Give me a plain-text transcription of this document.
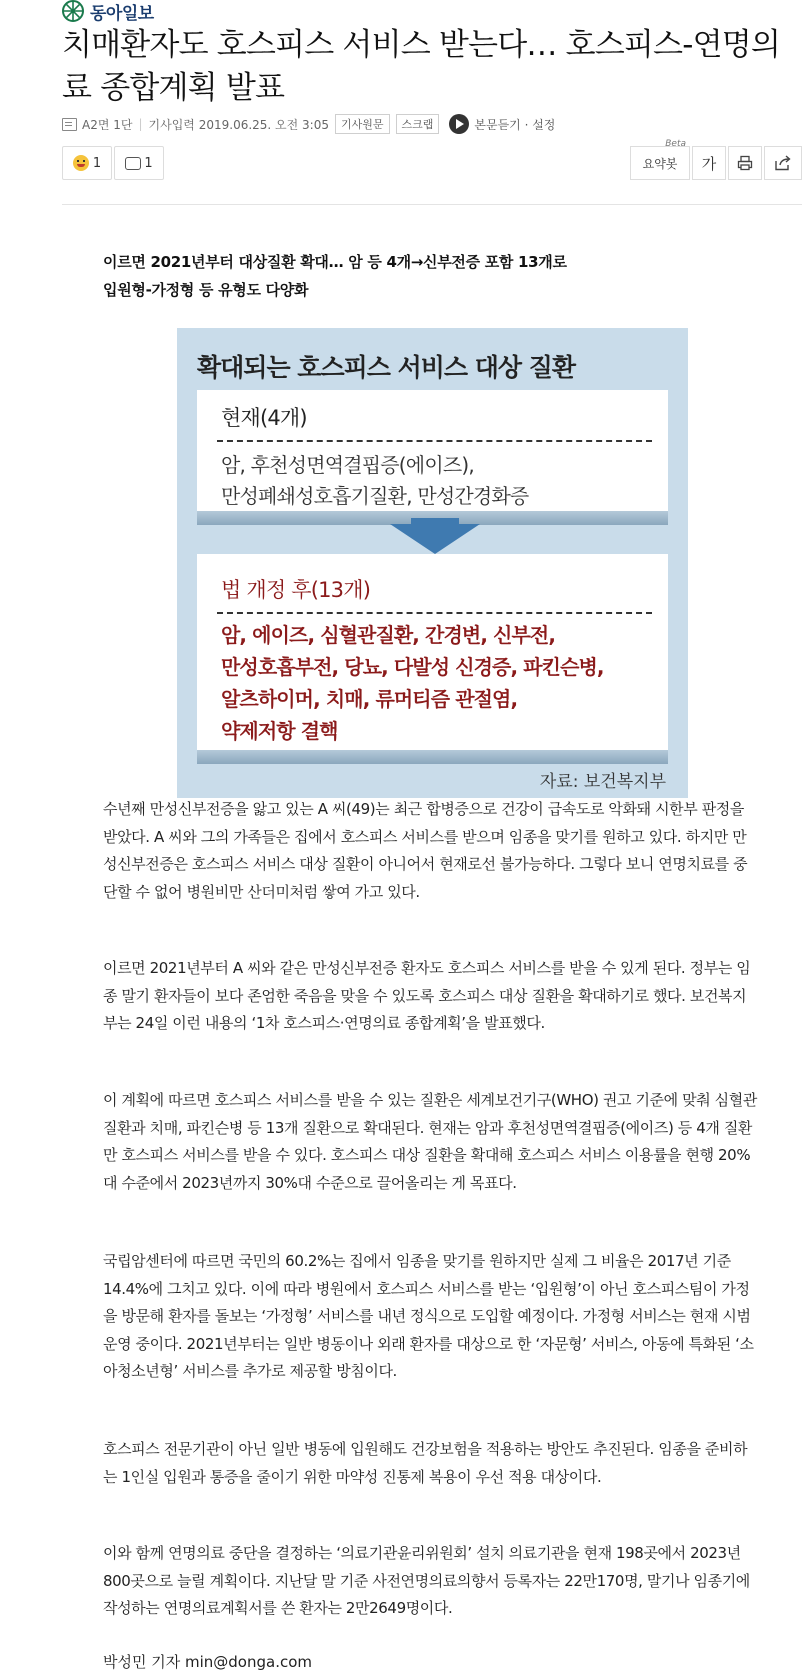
동아일보
치매환자도 호스피스 서비스 받는다… 호스피스-연명의료 종합계획 발표
A2면 1단 | 기사입력 2019.06.25. 오전 3:05	기사원문	스크랩	본문듣기 · 설정
1	1	요약봇
Beta
가
이르면 2021년부터 대상질환 확대… 암 등 4개→신부전증 포함 13개로
입원형-가정형 등 유형도 다양화
확대되는 호스피스 서비스 대상 질환
현재(4개)
암, 후천성면역결핍증(에이즈),
만성폐쇄성호흡기질환, 만성간경화증
법 개정 후(13개)
암, 에이즈, 심혈관질환, 간경변, 신부전,
만성호흡부전, 당뇨, 다발성 신경증, 파킨슨병,
알츠하이머, 치매, 류머티즘 관절염,
약제저항 결핵
자료: 보건복지부
수년째 만성신부전증을 앓고 있는 A 씨(49)는 최근 합병증으로 건강이 급속도로 악화돼 시한부 판정을 받았다. A 씨와 그의 가족들은 집에서 호스피스 서비스를 받으며 임종을 맞기를 원하고 있다. 하지만 만성신부전증은 호스피스 서비스 대상 질환이 아니어서 현재로선 불가능하다. 그렇다 보니 연명치료를 중단할 수 없어 병원비만 산더미처럼 쌓여 가고 있다.
이르면 2021년부터 A 씨와 같은 만성신부전증 환자도 호스피스 서비스를 받을 수 있게 된다. 정부는 임종 말기 환자들이 보다 존엄한 죽음을 맞을 수 있도록 호스피스 대상 질환을 확대하기로 했다. 보건복지부는 24일 이런 내용의 ‘1차 호스피스·연명의료 종합계획’을 발표했다.
이 계획에 따르면 호스피스 서비스를 받을 수 있는 질환은 세계보건기구(WHO) 권고 기준에 맞춰 심혈관 질환과 치매, 파킨슨병 등 13개 질환으로 확대된다. 현재는 암과 후천성면역결핍증(에이즈) 등 4개 질환만 호스피스 서비스를 받을 수 있다. 호스피스 대상 질환을 확대해 호스피스 서비스 이용률을 현행 20%대 수준에서 2023년까지 30%대 수준으로 끌어올리는 게 목표다.
국립암센터에 따르면 국민의 60.2%는 집에서 임종을 맞기를 원하지만 실제 그 비율은 2017년 기준 14.4%에 그치고 있다. 이에 따라 병원에서 호스피스 서비스를 받는 ‘입원형’이 아닌 호스피스팀이 가정을 방문해 환자를 돌보는 ‘가정형’ 서비스를 내년 정식으로 도입할 예정이다. 가정형 서비스는 현재 시범 운영 중이다. 2021년부터는 일반 병동이나 외래 환자를 대상으로 한 ‘자문형’ 서비스, 아동에 특화된 ‘소아청소년형’ 서비스를 추가로 제공할 방침이다.
호스피스 전문기관이 아닌 일반 병동에 입원해도 건강보험을 적용하는 방안도 추진된다. 임종을 준비하는 1인실 입원과 통증을 줄이기 위한 마약성 진통제 복용이 우선 적용 대상이다.
이와 함께 연명의료 중단을 결정하는 ‘의료기관윤리위원회’ 설치 의료기관을 현재 198곳에서 2023년 800곳으로 늘릴 계획이다. 지난달 말 기준 사전연명의료의향서 등록자는 22만170명, 말기나 임종기에 작성하는 연명의료계획서를 쓴 환자는 2만2649명이다.
박성민 기자 min@donga.com
